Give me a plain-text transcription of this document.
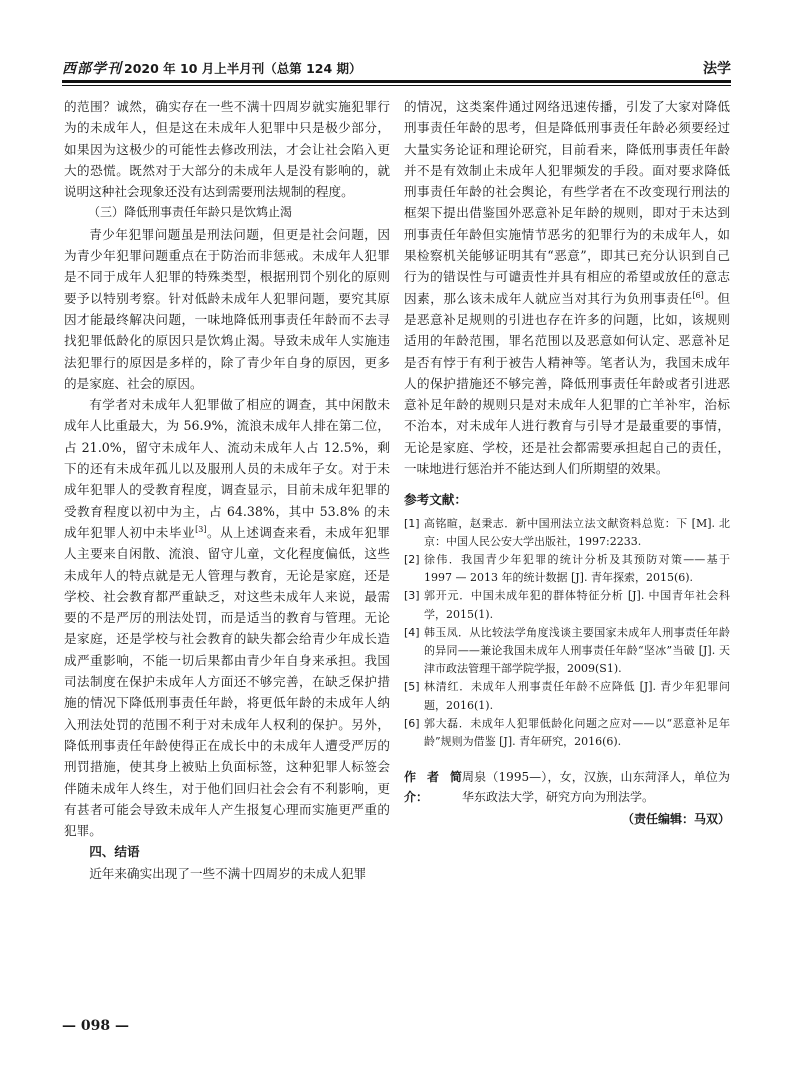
西部学刊 2020 年 10 月上半月刊（总第 124 期）	法学

的范围？诚然，确实存在一些不满十四周岁就实施犯罪行为的未成年人，但是这在未成年人犯罪中只是极少部分，如果因为这极少的可能性去修改刑法，才会让社会陷入更大的恐慌。既然对于大部分的未成年人是没有影响的，就说明这种社会现象还没有达到需要刑法规制的程度。

（三）降低刑事责任年龄只是饮鸩止渴

青少年犯罪问题虽是刑法问题，但更是社会问题，因为青少年犯罪问题重点在于防治而非惩戒。未成年人犯罪是不同于成年人犯罪的特殊类型，根据刑罚个别化的原则要予以特别考察。针对低龄未成年人犯罪问题，要究其原因才能最终解决问题，一味地降低刑事责任年龄而不去寻找犯罪低龄化的原因只是饮鸩止渴。导致未成年人实施违法犯罪行的原因是多样的，除了青少年自身的原因，更多的是家庭、社会的原因。

有学者对未成年人犯罪做了相应的调查，其中闲散未成年人比重最大，为 56.9%，流浪未成年人排在第二位，占 21.0%，留守未成年人、流动未成年人占 12.5%，剩下的还有未成年孤儿以及服刑人员的未成年子女。对于未成年犯罪人的受教育程度，调查显示，目前未成年犯罪的受教育程度以初中为主，占 64.38%，其中 53.8% 的未成年犯罪人初中未毕业[3]。从上述调查来看，未成年犯罪人主要来自闲散、流浪、留守儿童，文化程度偏低，这些未成年人的特点就是无人管理与教育，无论是家庭，还是学校、社会教育都严重缺乏，对这些未成年人来说，最需要的不是严厉的刑法处罚，而是适当的教育与管理。无论是家庭，还是学校与社会教育的缺失都会给青少年成长造成严重影响，不能一切后果都由青少年自身来承担。我国司法制度在保护未成年人方面还不够完善，在缺乏保护措施的情况下降低刑事责任年龄，将更低年龄的未成年人纳入刑法处罚的范围不利于对未成年人权利的保护。另外，降低刑事责任年龄使得正在成长中的未成年人遭受严厉的刑罚措施，使其身上被贴上负面标签，这种犯罪人标签会伴随未成年人终生，对于他们回归社会会有不利影响，更有甚者可能会导致未成年人产生报复心理而实施更严重的犯罪。

四、结语

近年来确实出现了一些不满十四周岁的未成人犯罪

的情况，这类案件通过网络迅速传播，引发了大家对降低刑事责任年龄的思考，但是降低刑事责任年龄必须要经过大量实务论证和理论研究，目前看来，降低刑事责任年龄并不是有效制止未成年人犯罪频发的手段。面对要求降低刑事责任年龄的社会舆论，有些学者在不改变现行刑法的框架下提出借鉴国外恶意补足年龄的规则，即对于未达到刑事责任年龄但实施情节恶劣的犯罪行为的未成年人，如果检察机关能够证明其有“恶意”，即其已充分认识到自己行为的错误性与可谴责性并具有相应的希望或放任的意志因素，那么该未成年人就应当对其行为负刑事责任[6]。但是恶意补足规则的引进也存在许多的问题，比如，该规则适用的年龄范围，罪名范围以及恶意如何认定、恶意补足是否有悖于有利于被告人精神等。笔者认为，我国未成年人的保护措施还不够完善，降低刑事责任年龄或者引进恶意补足年龄的规则只是对未成年人犯罪的亡羊补牢，治标不治本，对未成年人进行教育与引导才是最重要的事情，无论是家庭、学校，还是社会都需要承担起自己的责任，一味地进行惩治并不能达到人们所期望的效果。

参考文献：
[1] 高铭暄，赵秉志．新中国刑法立法文献资料总览：下 [M]. 北京：中国人民公安大学出版社，1997:2233.
[2] 徐伟．我国青少年犯罪的统计分析及其预防对策——基于 1997 — 2013 年的统计数据 [J]. 青年探索，2015(6).
[3] 郭开元．中国未成年犯的群体特征分析 [J]. 中国青年社会科学，2015(1).
[4] 韩玉凤．从比较法学角度浅谈主要国家未成年人刑事责任年龄的异同——兼论我国未成年人刑事责任年龄“坚冰”当破 [J]. 天津市政法管理干部学院学报，2009(S1).
[5] 林清红．未成年人刑事责任年龄不应降低 [J]. 青少年犯罪问题，2016(1).
[6] 郭大磊．未成年人犯罪低龄化问题之应对——以“恶意补足年龄”规则为借鉴 [J]. 青年研究，2016(6).
作者简介：
周泉（1995—），女，汉族，山东菏泽人，单位为华东政法大学，研究方向为刑法学。
（责任编辑：马双）
— 098 —
